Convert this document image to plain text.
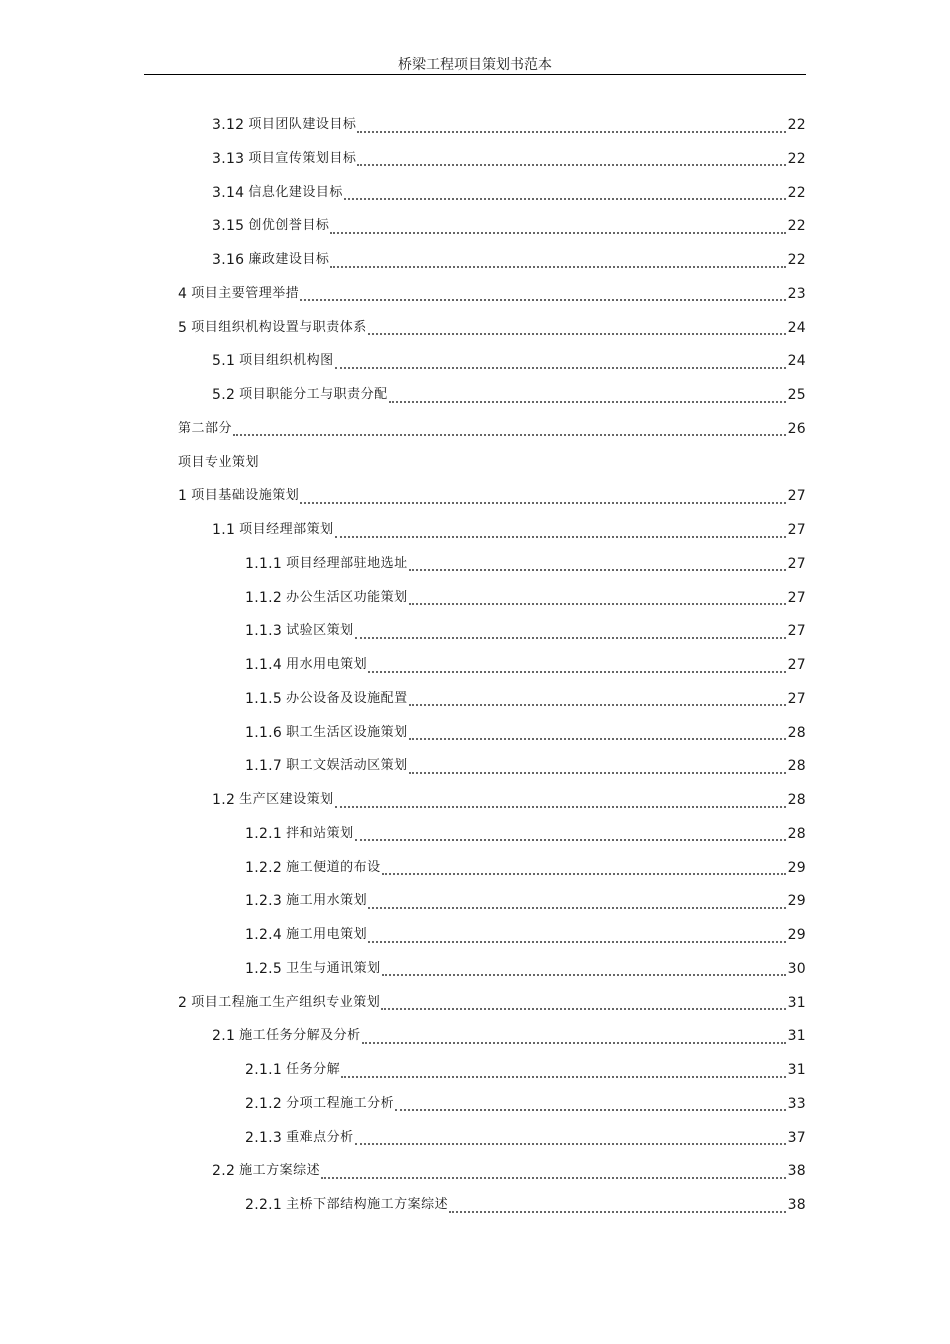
桥梁工程项目策划书范本
3.12 项目团队建设目标	22
3.13 项目宣传策划目标	22
3.14 信息化建设目标	22
3.15 创优创誉目标	22
3.16 廉政建设目标	22
4 项目主要管理举措	23
5 项目组织机构设置与职责体系	24
5.1 项目组织机构图	24
5.2 项目职能分工与职责分配	25
第二部分	26
项目专业策划
1 项目基础设施策划	27
1.1 项目经理部策划	27
1.1.1 项目经理部驻地选址	27
1.1.2 办公生活区功能策划	27
1.1.3 试验区策划	27
1.1.4 用水用电策划	27
1.1.5 办公设备及设施配置	27
1.1.6 职工生活区设施策划	28
1.1.7 职工文娱活动区策划	28
1.2 生产区建设策划	28
1.2.1 拌和站策划	28
1.2.2 施工便道的布设	29
1.2.3 施工用水策划	29
1.2.4 施工用电策划	29
1.2.5 卫生与通讯策划	30
2 项目工程施工生产组织专业策划	31
2.1 施工任务分解及分析	31
2.1.1 任务分解	31
2.1.2 分项工程施工分析	33
2.1.3 重难点分析	37
2.2 施工方案综述	38
2.2.1 主桥下部结构施工方案综述	38
